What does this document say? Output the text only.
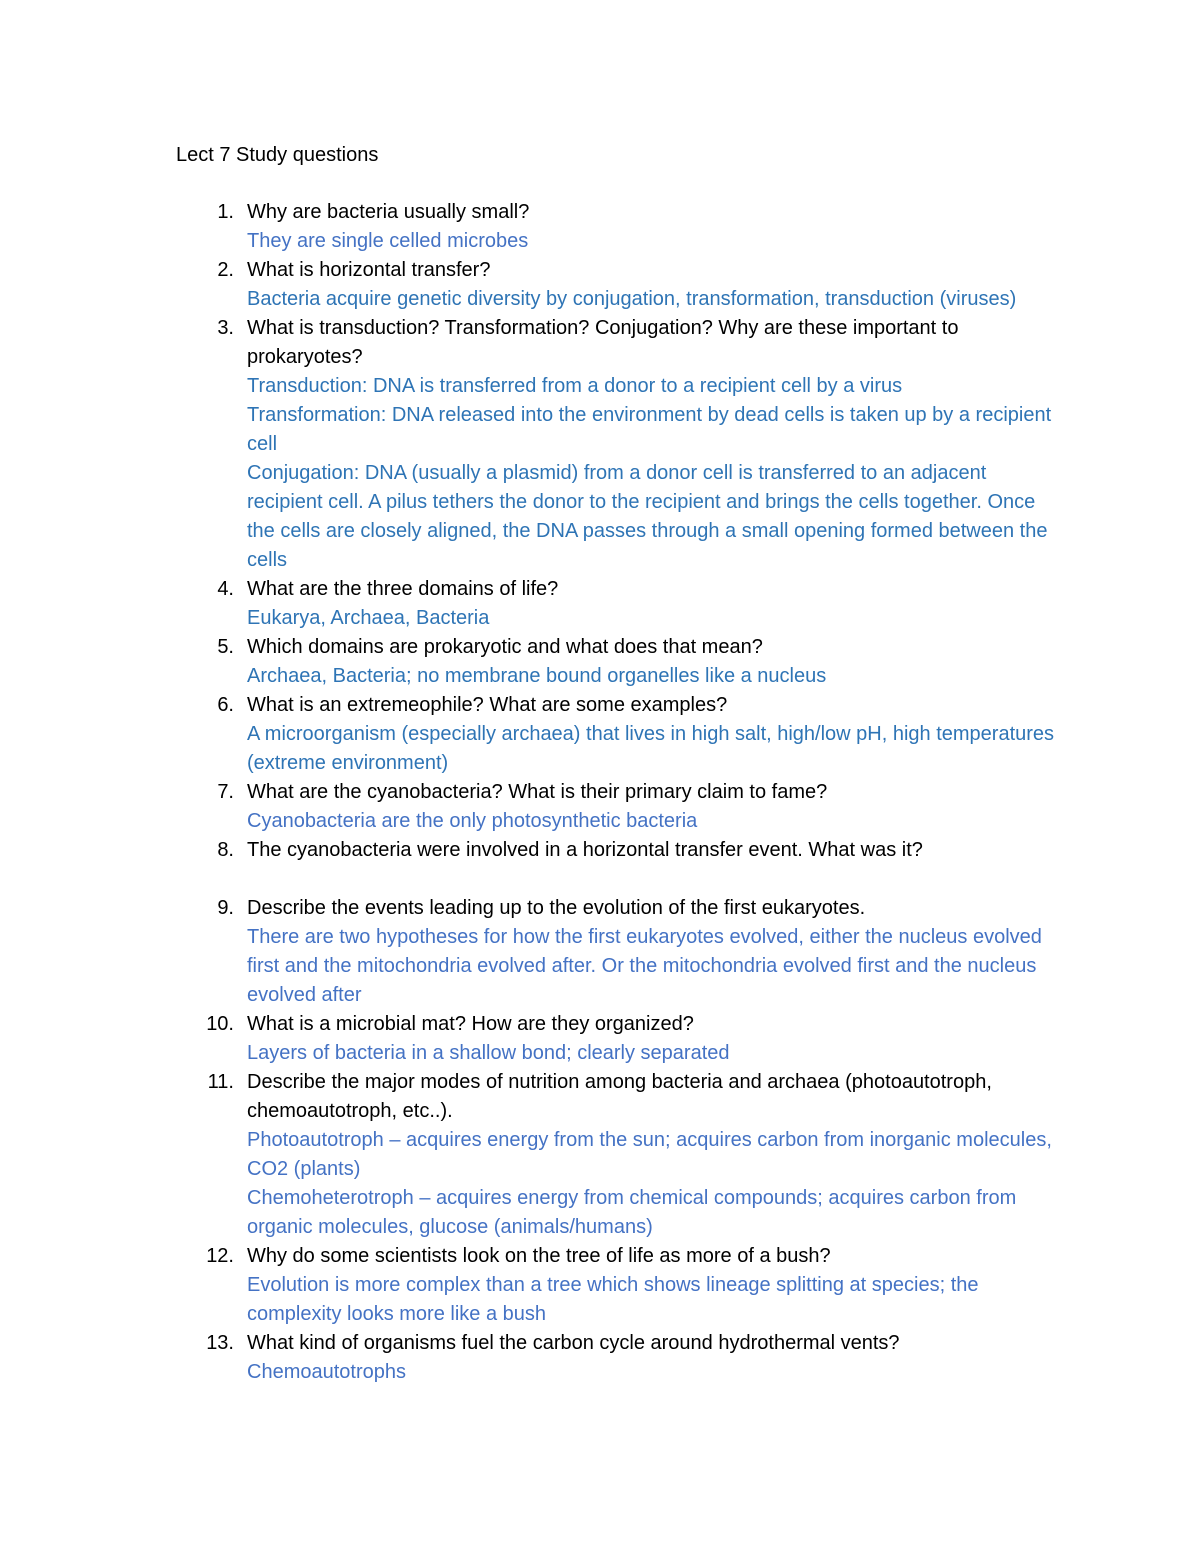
Lect 7 Study questions
1. Why are bacteria usually small?
They are single celled microbes
2. What is horizontal transfer?
Bacteria acquire genetic diversity by conjugation, transformation, transduction (viruses)
3. What is transduction? Transformation? Conjugation? Why are these important to prokaryotes?
Transduction: DNA is transferred from a donor to a recipient cell by a virus
Transformation: DNA released into the environment by dead cells is taken up by a recipient cell
Conjugation: DNA (usually a plasmid) from a donor cell is transferred to an adjacent recipient cell. A pilus tethers the donor to the recipient and brings the cells together. Once the cells are closely aligned, the DNA passes through a small opening formed between the cells
4. What are the three domains of life?
Eukarya, Archaea, Bacteria
5. Which domains are prokaryotic and what does that mean?
Archaea, Bacteria; no membrane bound organelles like a nucleus
6. What is an extremeophile? What are some examples?
A microorganism (especially archaea) that lives in high salt, high/low pH, high temperatures (extreme environment)
7. What are the cyanobacteria? What is their primary claim to fame?
Cyanobacteria are the only photosynthetic bacteria
8. The cyanobacteria were involved in a horizontal transfer event. What was it?
9. Describe the events leading up to the evolution of the first eukaryotes.
There are two hypotheses for how the first eukaryotes evolved, either the nucleus evolved first and the mitochondria evolved after. Or the mitochondria evolved first and the nucleus evolved after
10. What is a microbial mat? How are they organized?
Layers of bacteria in a shallow bond; clearly separated
11. Describe the major modes of nutrition among bacteria and archaea (photoautotroph, chemoautotroph, etc..).
Photoautotroph – acquires energy from the sun; acquires carbon from inorganic molecules, CO2 (plants)
Chemoheterotroph – acquires energy from chemical compounds; acquires carbon from organic molecules, glucose (animals/humans)
12. Why do some scientists look on the tree of life as more of a bush?
Evolution is more complex than a tree which shows lineage splitting at species; the complexity looks more like a bush
13. What kind of organisms fuel the carbon cycle around hydrothermal vents?
Chemoautotrophs
